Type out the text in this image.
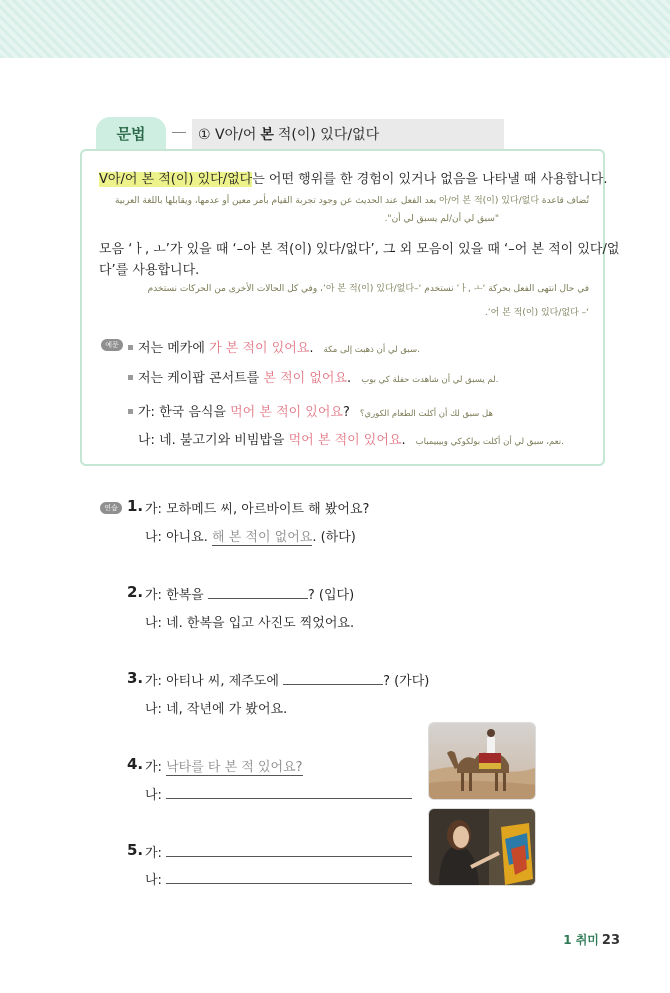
문법	① V아/어 본 적(이) 있다/없다
V아/어 본 적(이) 있다/없다는 어떤 행위를 한 경험이 있거나 없음을 나타낼 때 사용합니다.
تُضاف قاعدة 아/어 본 적(이) 있다/없다 بعد الفعل عند الحديث عن وجود تجربة القيام بأمر معين أو عدمها، ويقابلها باللغة العربية
"سبق لي أن/لم يسبق لي أن".
모음 ‘ㅏ, ㅗ’가 있을 때 ‘–아 본 적(이) 있다/없다’, 그 외 모음이 있을 때 ‘–어 본 적이 있다/없
다’를 사용합니다.
في حال انتهى الفعل بحركة ‘ㅏ, ㅗ’ نستخدم ‘–아 본 적(이) 있다/없다’، وفي كل الحالات الأخرى من الحركات نستخدم
‘– 어 본 적(이) 있다/없다’.
예문	저는 메카에 가 본 적이 있어요. سبق لي أن ذهبت إلى مكة.
저는 케이팝 콘서트를 본 적이 없어요. لم يسبق لي أن شاهدت حفلة كي بوب.
가: 한국 음식을 먹어 본 적이 있어요? هل سبق لك أن أكلت الطعام الكوري؟
나: 네. 불고기와 비빔밥을 먹어 본 적이 있어요. نعم، سبق لي أن أكلت بولكوكي وبيبيمباب.
연습 1. 가: 모하메드 씨, 아르바이트 해 봤어요?
나: 아니요. 해 본 적이 없어요. (하다)
2. 가: 한복을	? (입다)
나: 네. 한복을 입고 사진도 찍었어요.
3. 가: 아티나 씨, 제주도에	? (가다)
나: 네, 작년에 가 봤어요.
4. 가: 낙타를 타 본 적 있어요?
나:
5. 가:
나:
1 취미 23
